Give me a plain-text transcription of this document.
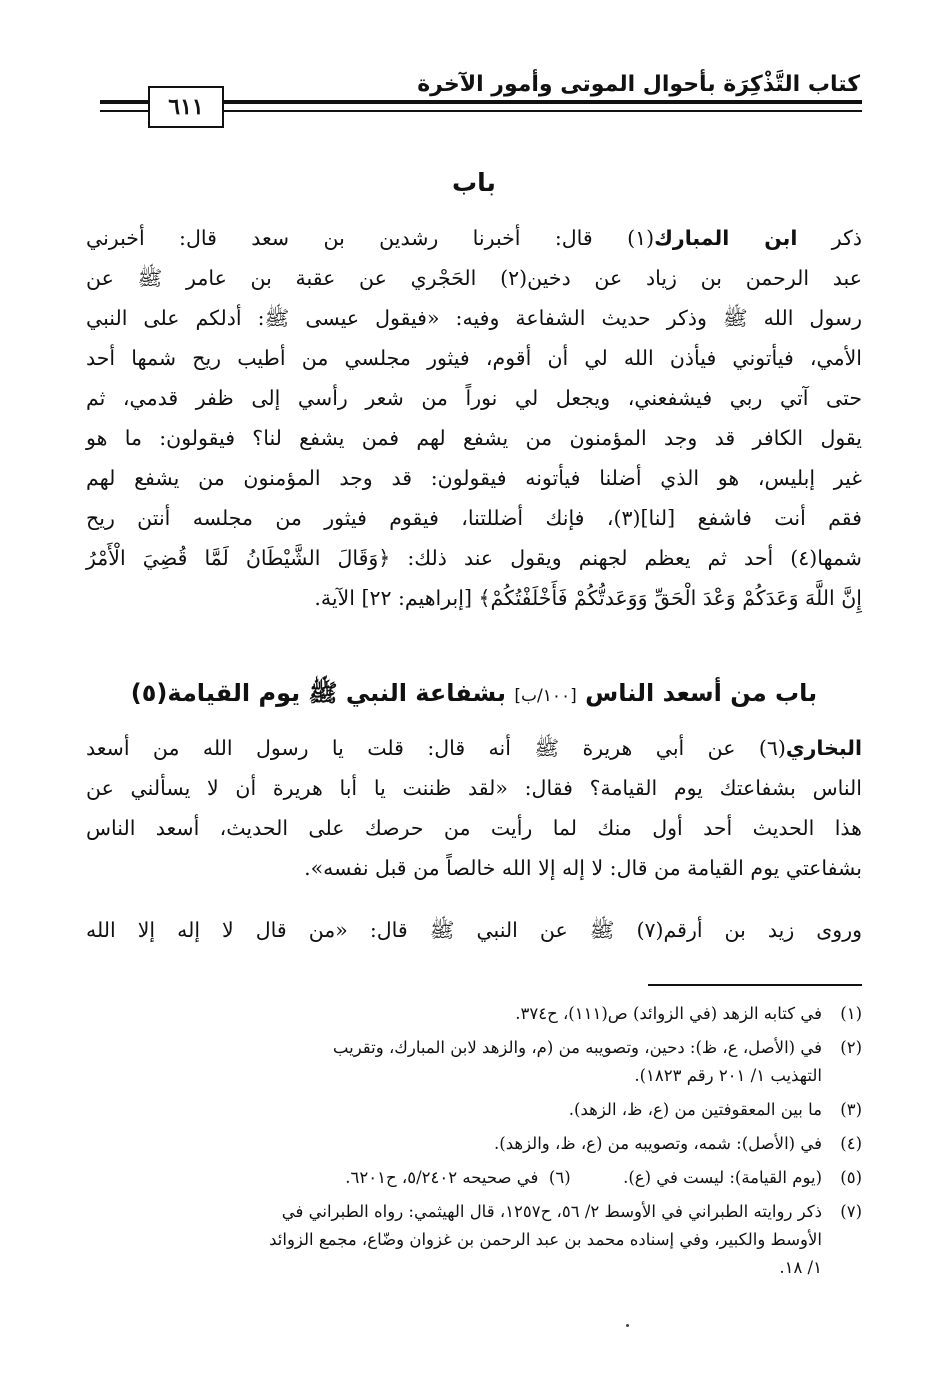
كتاب التَّذْكِرَة بأحوال الموتى وأمور الآخرة
٦١١
باب
ذكر ابن المبارك(١) قال: أخبرنا رشدين بن سعد قال: أخبرني
عبد الرحمن بن زياد عن دخين(٢) الحَجْري عن عقبة بن عامر ﷺ عن
رسول الله ﷺ وذكر حديث الشفاعة وفيه: «فيقول عيسى ﷺ: أدلكم على النبي
الأمي، فيأتوني فيأذن الله لي أن أقوم، فيثور مجلسي من أطيب ريح شمها أحد
حتى آتي ربي فيشفعني، ويجعل لي نوراً من شعر رأسي إلى ظفر قدمي، ثم
يقول الكافر قد وجد المؤمنون من يشفع لهم فمن يشفع لنا؟ فيقولون: ما هو
غير إبليس، هو الذي أضلنا فيأتونه فيقولون: قد وجد المؤمنون من يشفع لهم
فقم أنت فاشفع [لنا](٣)، فإنك أضللتنا، فيقوم فيثور من مجلسه أنتن ريح
شمها(٤) أحد ثم يعظم لجهنم ويقول عند ذلك: ﴿وَقَالَ الشَّيْطَانُ لَمَّا قُضِيَ الْأَمْرُ
إِنَّ اللَّهَ وَعَدَكُمْ وَعْدَ الْحَقِّ وَوَعَدتُّكُمْ فَأَخْلَفْتُكُمْ﴾ [إبراهيم: ٢٢] الآية.
باب من أسعد الناس [١٠٠/ب] بشفاعة النبي ﷺ يوم القيامة(٥)
البخاري(٦) عن أبي هريرة ﷺ أنه قال: قلت يا رسول الله من أسعد
الناس بشفاعتك يوم القيامة؟ فقال: «لقد ظننت يا أبا هريرة أن لا يسألني عن
هذا الحديث أحد أول منك لما رأيت من حرصك على الحديث، أسعد الناس
بشفاعتي يوم القيامة من قال: لا إله إلا الله خالصاً من قبل نفسه».
وروى زيد بن أرقم(٧) ﷺ عن النبي ﷺ قال: «من قال لا إله إلا الله
(١)في كتابه الزهد (في الزوائد) ص(١١١)، ح٣٧٤.
(٢)في (الأصل، ع، ظ): دحين، وتصويبه من (م، والزهد لابن المبارك، وتقريب
التهذيب ١/ ٢٠١ رقم ١٨٢٣).
(٣)ما بين المعقوفتين من (ع، ظ، الزهد).
(٤)في (الأصل): شمه، وتصويبه من (ع، ظ، والزهد).
(٥)(يوم القيامة): ليست في (ع).          (٦)  في صحيحه ٥/٢٤٠٢، ح٦٢٠١.
(٧)ذكر روايته الطبراني في الأوسط ٢/ ٥٦، ح١٢٥٧، قال الهيثمي: رواه الطبراني في
الأوسط والكبير، وفي إسناده محمد بن عبد الرحمن بن غزوان وضّاع، مجمع الزوائد
١/ ١٨.
